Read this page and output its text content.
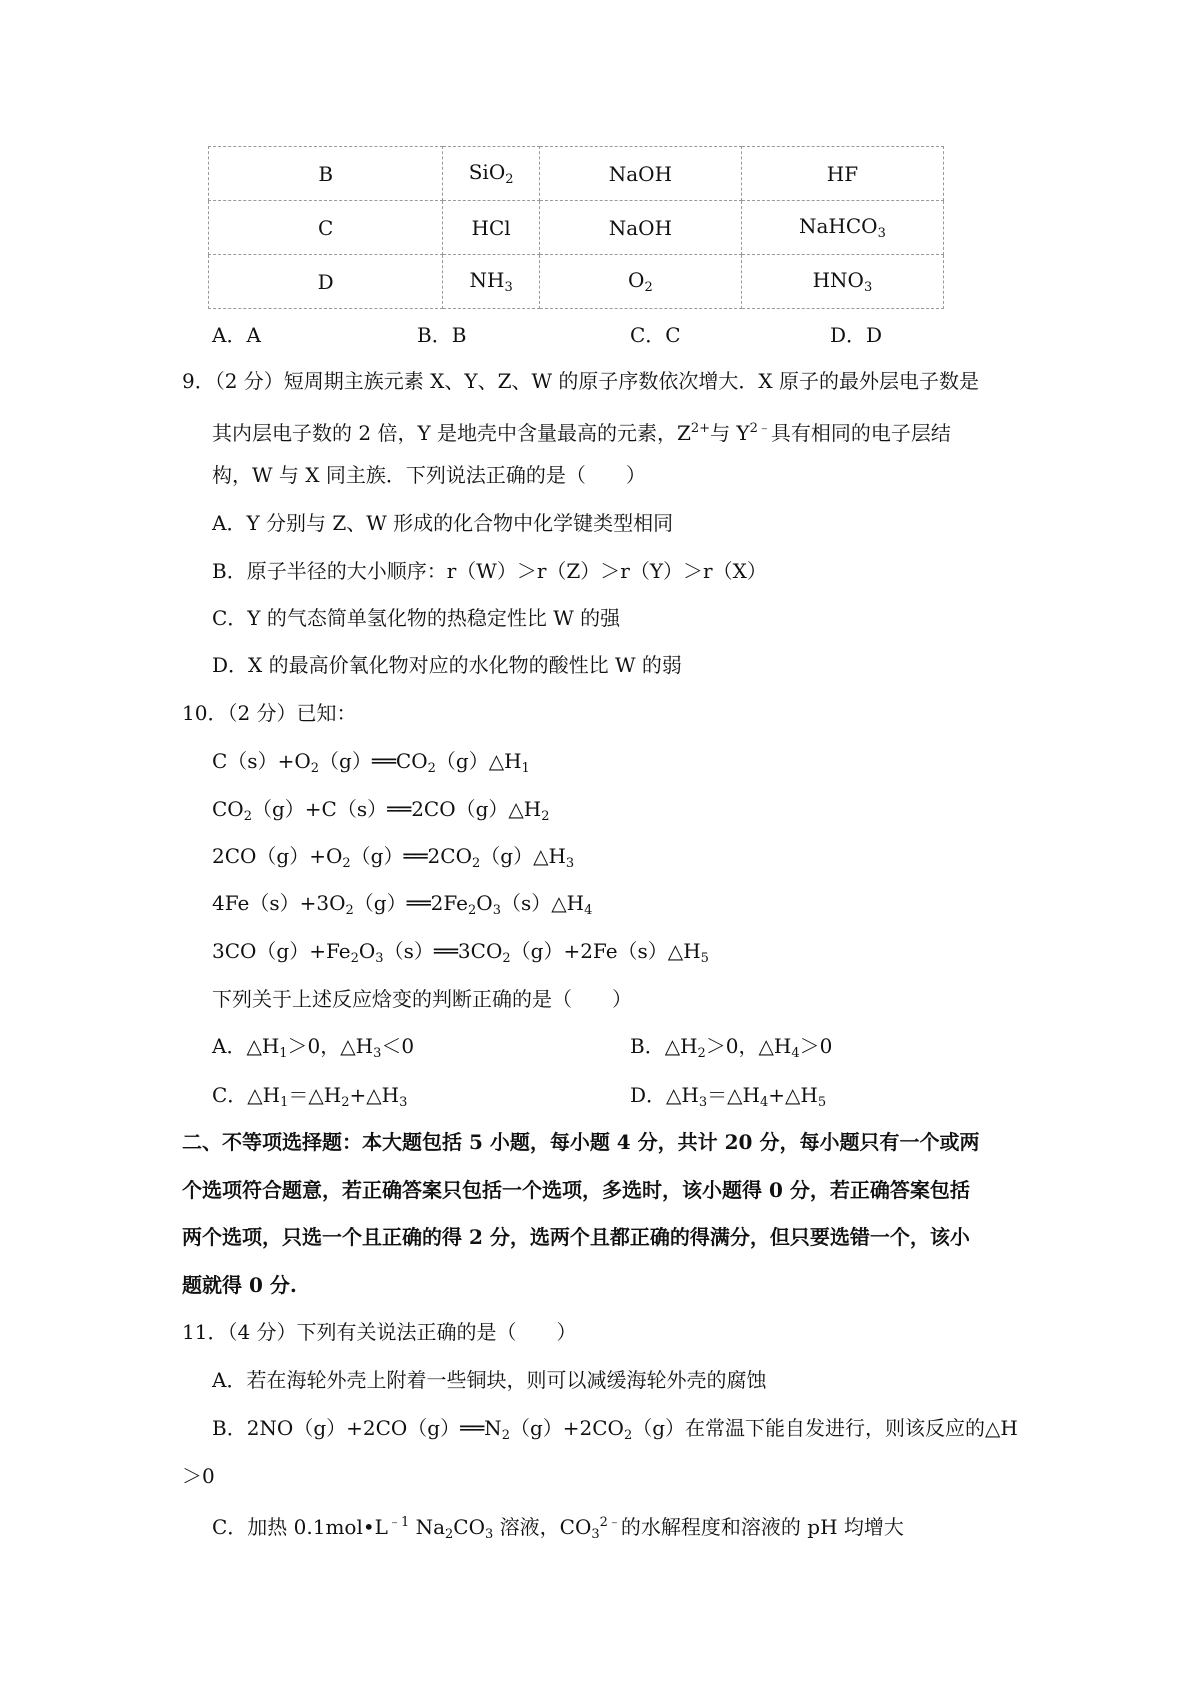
B	SiO$_2$	NaOH	HF
C	HCl	NaOH	NaHCO$_3$
D	$NH_3$	$O_2$	$HNO_3$
A．A	B．B	C．C	D．D
9．（2 分）短周期主族元素 X、Y、Z、W 的原子序数依次增大．X 原子的最外层电子数是
其内层电子数的 2 倍，Y 是地壳中含量最高的元素，$Z^{2+}$与 $Y^{2﹣}$具有相同的电子层结
构，W 与 X 同主族．下列说法正确的是（　　）
A．Y 分别与 Z、W 形成的化合物中化学键类型相同
B．原子半径的大小顺序：r（W）＞r（Z）＞r（Y）＞r（X）
C．Y 的气态简单氢化物的热稳定性比 W 的强
D．X 的最高价氧化物对应的水化物的酸性比 W 的弱
10．（2 分）已知：
$C(s)+O_2(g)══CO_2(g)\triangle H_1$
$CO_2(g)+C(s)══2CO(g)\triangle H_2$
$2CO(g)+O_2(g)══2CO_2(g)\triangle H_3$
$4Fe(s)+3O_2(g)══2Fe_2O_3(s)\triangle H_4$
$3CO(g)+Fe_2O_3(s)══3CO_2(g)+2Fe(s)\triangle H_5$
下列关于上述反应焓变的判断正确的是（　　）
A．$\triangle H_1>0$，$\triangle H_3<0$	B．$\triangle H_2>0$，$\triangle H_4>0$
C．$\triangle H_1=\triangle H_2+\triangle H_3$	D．$\triangle H_3=\triangle H_4+\triangle H_5$
二、不等项选择题：本大题包括 5 小题，每小题 4 分，共计 20 分，每小题只有一个或两
个选项符合题意，若正确答案只包括一个选项，多选时，该小题得 0 分，若正确答案包括
两个选项，只选一个且正确的得 2 分，选两个且都正确的得满分，但只要选错一个，该小
题就得 0 分.
11．（4 分）下列有关说法正确的是（　　）
A．若在海轮外壳上附着一些铜块，则可以减缓海轮外壳的腐蚀
B．$2NO(g)+2CO(g)══N_2(g)+2CO_2(g)$在常温下能自发进行，则该反应的△H
＞0
C．加热 $0.1mol•L^{﹣1}$ $Na_2CO_3$ 溶液，$CO_3^{2﹣}$的水解程度和溶液的 pH 均增大
